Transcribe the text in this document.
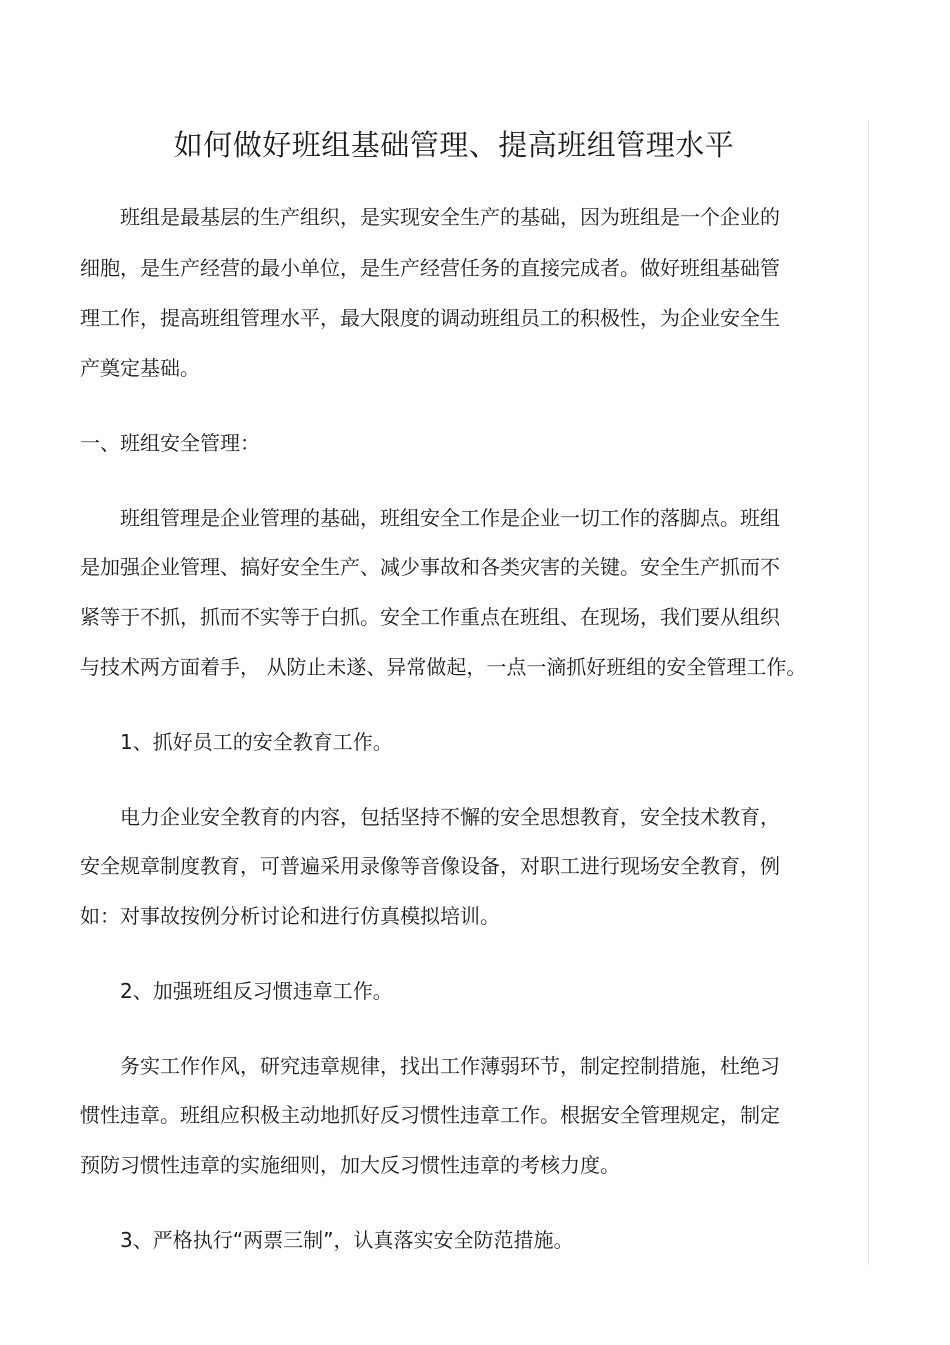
如何做好班组基础管理、提高班组管理水平
班组是最基层的生产组织，是实现安全生产的基础，因为班组是一个企业的
细胞，是生产经营的最小单位，是生产经营任务的直接完成者。做好班组基础管
理工作，提高班组管理水平，最大限度的调动班组员工的积极性，为企业安全生
产奠定基础。
一、班组安全管理：
班组管理是企业管理的基础，班组安全工作是企业一切工作的落脚点。班组
是加强企业管理、搞好安全生产、减少事故和各类灾害的关键。安全生产抓而不
紧等于不抓，抓而不实等于白抓。安全工作重点在班组、在现场，我们要从组织
与技术两方面着手， 从防止未遂、异常做起，一点一滴抓好班组的安全管理工作。
1、抓好员工的安全教育工作。
电力企业安全教育的内容，包括坚持不懈的安全思想教育，安全技术教育，
安全规章制度教育，可普遍采用录像等音像设备，对职工进行现场安全教育，例
如：对事故按例分析讨论和进行仿真模拟培训。
2、加强班组反习惯违章工作。
务实工作作风，研究违章规律，找出工作薄弱环节，制定控制措施，杜绝习
惯性违章。班组应积极主动地抓好反习惯性违章工作。根据安全管理规定，制定
预防习惯性违章的实施细则，加大反习惯性违章的考核力度。
3、严格执行“两票三制”，认真落实安全防范措施。
